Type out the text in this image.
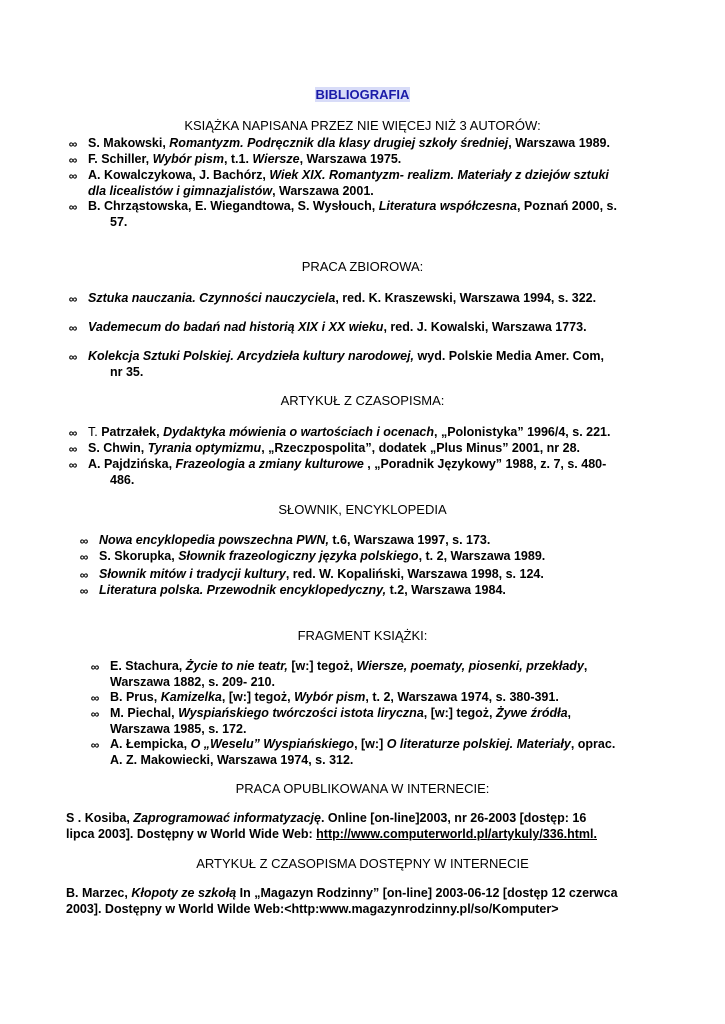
BIBLIOGRAFIA
KSIĄŻKA NAPISANA PRZEZ NIE WIĘCEJ NIŻ 3 AUTORÓW:
∞ S. Makowski, Romantyzm. Podręcznik dla klasy drugiej szkoły średniej, Warszawa 1989.
∞ F. Schiller, Wybór pism, t.1. Wiersze, Warszawa 1975.
∞ A. Kowalczykowa, J. Bachórz, Wiek XIX. Romantyzm- realizm. Materiały z dziejów sztuki
dla licealistów i gimnazjalistów, Warszawa 2001.
∞ B. Chrząstowska, E. Wiegandtowa, S. Wysłouch, Literatura współczesna, Poznań 2000, s.
57.
PRACA ZBIOROWA:
∞ Sztuka nauczania. Czynności nauczyciela, red. K. Kraszewski, Warszawa 1994, s. 322.
∞ Vademecum do badań nad historią XIX i XX wieku, red. J. Kowalski, Warszawa 1773.
∞ Kolekcja Sztuki Polskiej. Arcydzieła kultury narodowej, wyd. Polskie Media Amer. Com,
nr 35.
ARTYKUŁ Z CZASOPISMA:
∞ T. Patrzałek, Dydaktyka mówienia o wartościach i ocenach, „Polonistyka” 1996/4, s. 221.
∞ S. Chwin, Tyrania optymizmu, „Rzeczpospolita”, dodatek „Plus Minus” 2001, nr 28.
∞ A. Pajdzińska, Frazeologia a zmiany kulturowe , „Poradnik Językowy” 1988, z. 7, s. 480-
486.
SŁOWNIK, ENCYKLOPEDIA
∞ Nowa encyklopedia powszechna PWN, t.6, Warszawa 1997, s. 173.
∞ S. Skorupka, Słownik frazeologiczny języka polskiego, t. 2, Warszawa 1989.
∞ Słownik mitów i tradycji kultury, red. W. Kopaliński, Warszawa 1998, s. 124.
∞ Literatura polska. Przewodnik encyklopedyczny, t.2, Warszawa 1984.
FRAGMENT KSIĄŻKI:
∞ E. Stachura, Życie to nie teatr, [w:] tegoż, Wiersze, poematy, piosenki, przekłady,
Warszawa 1882, s. 209- 210.
∞ B. Prus, Kamizelka, [w:] tegoż, Wybór pism, t. 2, Warszawa 1974, s. 380-391.
∞ M. Piechal, Wyspiańskiego twórczości istota liryczna, [w:] tegoż, Żywe źródła,
Warszawa 1985, s. 172.
∞ A. Łempicka, O „Weselu” Wyspiańskiego, [w:] O literaturze polskiej. Materiały, oprac.
A. Z. Makowiecki, Warszawa 1974, s. 312.
PRACA OPUBLIKOWANA W INTERNECIE:
S . Kosiba, Zaprogramować informatyzację. Online [on-line]2003, nr 26-2003 [dostęp: 16
lipca 2003]. Dostępny w World Wide Web: http://www.computerworld.pl/artykuly/336.html.
ARTYKUŁ Z CZASOPISMA DOSTĘPNY W INTERNECIE
B. Marzec, Kłopoty ze szkołą In „Magazyn Rodzinny” [on-line] 2003-06-12 [dostęp 12 czerwca
2003]. Dostępny w World Wilde Web:<http:www.magazynrodzinny.pl/so/Komputer>
